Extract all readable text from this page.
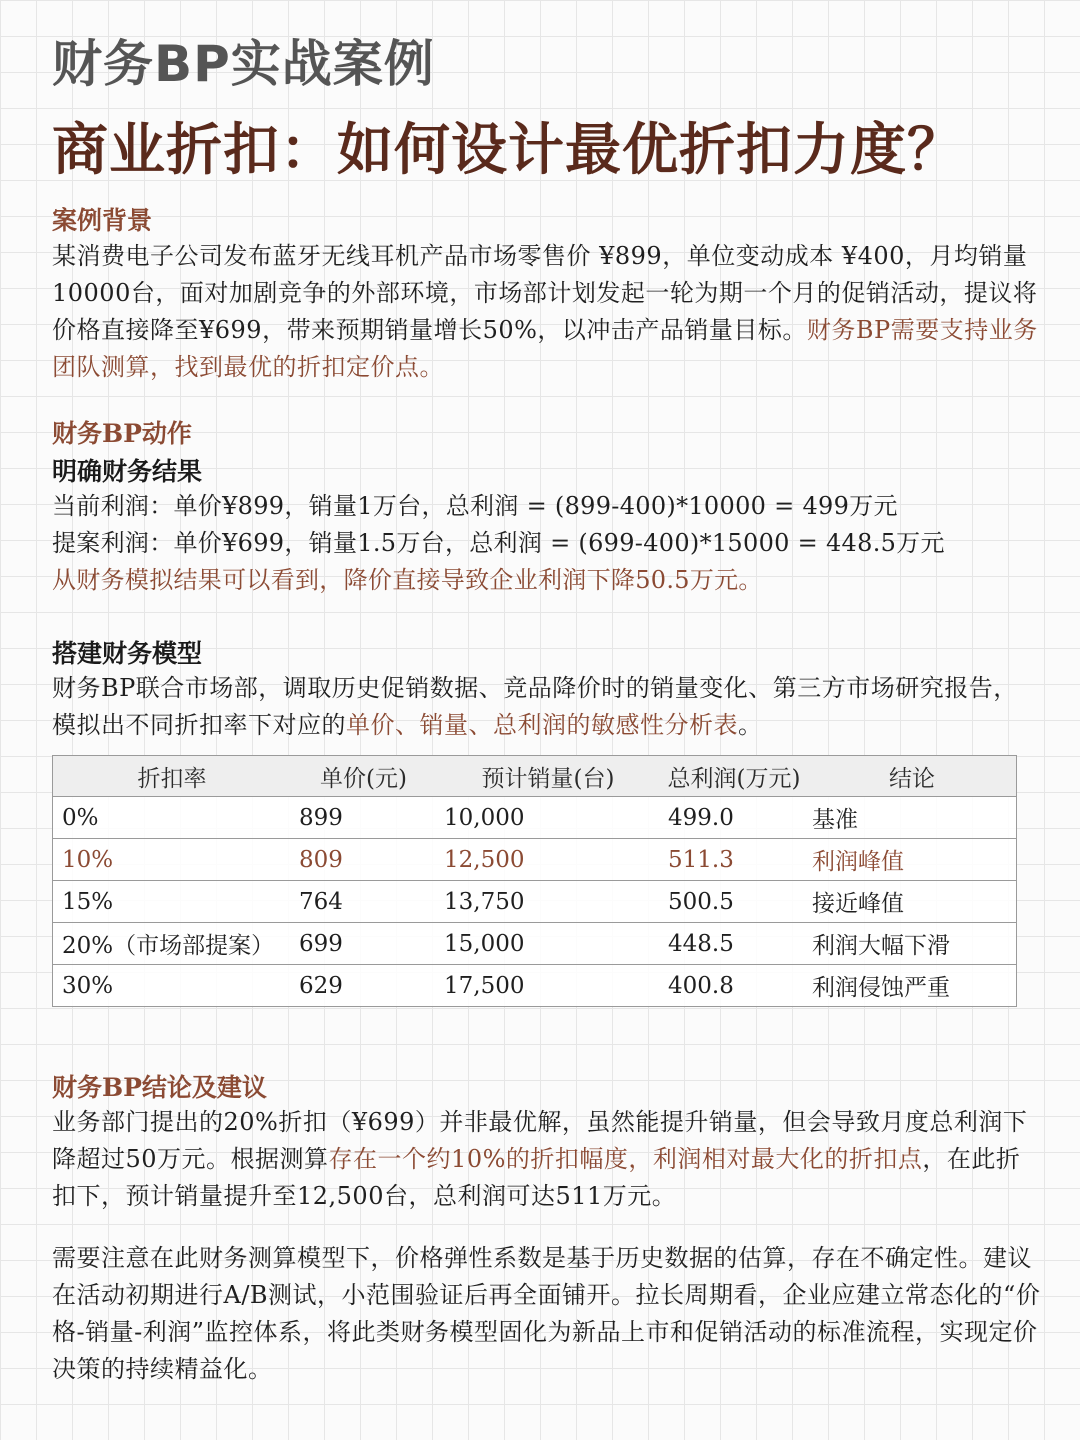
财务BP实战案例
商业折扣：如何设计最优折扣力度？
案例背景
某消费电子公司发布蓝牙无线耳机产品市场零售价 ¥899，单位变动成本 ¥400，月均销量10000台，面对加剧竞争的外部环境，市场部计划发起一轮为期一个月的促销活动，提议将价格直接降至¥699，带来预期销量增长50%，以冲击产品销量目标。财务BP需要支持业务团队测算，找到最优的折扣定价点。
财务BP动作
明确财务结果
当前利润：单价¥899，销量1万台，总利润 = (899-400)*10000 = 499万元
提案利润：单价¥699，销量1.5万台，总利润 = (699-400)*15000 = 448.5万元
从财务模拟结果可以看到，降价直接导致企业利润下降50.5万元。
搭建财务模型
财务BP联合市场部，调取历史促销数据、竞品降价时的销量变化、第三方市场研究报告，模拟出不同折扣率下对应的单价、销量、总利润的敏感性分析表。
折扣率	单价(元)	预计销量(台)	总利润(万元)	结论
0%	899	10,000	499.0	基准
10%	809	12,500	511.3	利润峰值
15%	764	13,750	500.5	接近峰值
20%（市场部提案）	699	15,000	448.5	利润大幅下滑
30%	629	17,500	400.8	利润侵蚀严重
财务BP结论及建议
业务部门提出的20%折扣（¥699）并非最优解，虽然能提升销量，但会导致月度总利润下降超过50万元。根据测算存在一个约10%的折扣幅度，利润相对最大化的折扣点，在此折扣下，预计销量提升至12,500台，总利润可达511万元。
需要注意在此财务测算模型下，价格弹性系数是基于历史数据的估算，存在不确定性。建议在活动初期进行A/B测试，小范围验证后再全面铺开。拉长周期看，企业应建立常态化的“价格-销量-利润”监控体系，将此类财务模型固化为新品上市和促销活动的标准流程，实现定价决策的持续精益化。
